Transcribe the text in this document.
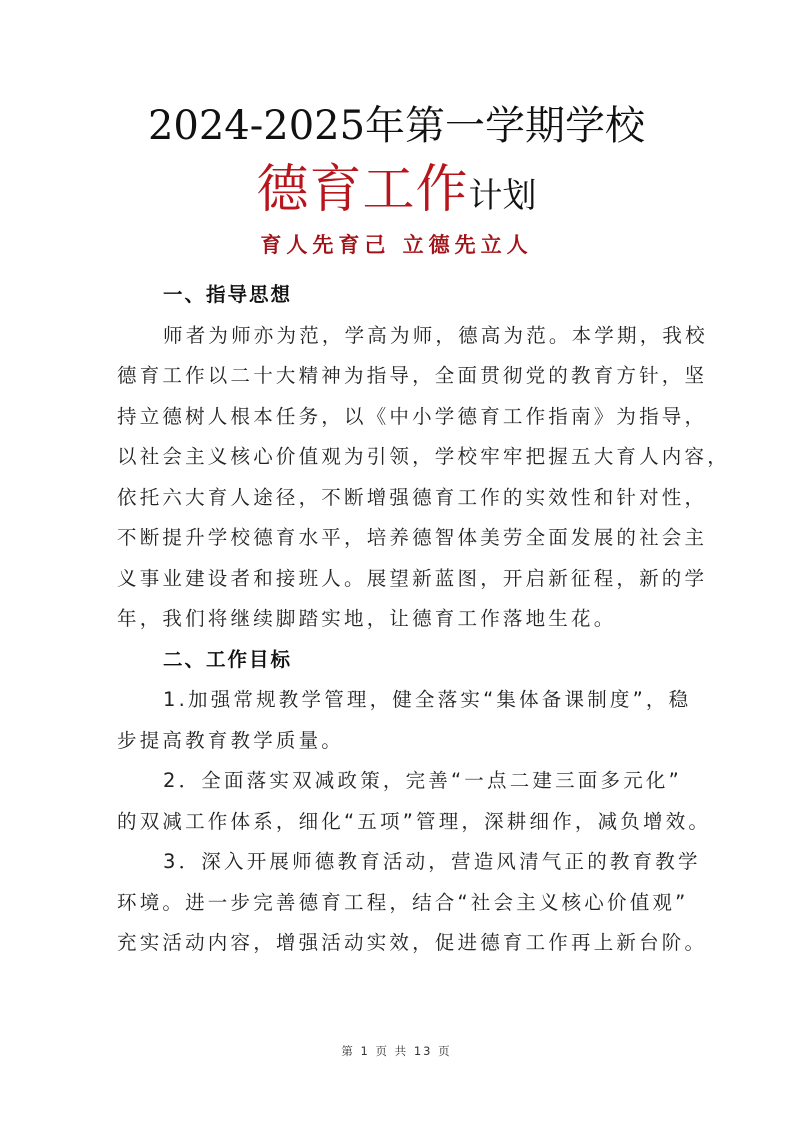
2024-2025年第一学期学校
德育工作计划
育人先育己 立德先立人

一、指导思想

师者为师亦为范，学高为师，德高为范。本学期，我校
德育工作以二十大精神为指导，全面贯彻党的教育方针，坚
持立德树人根本任务，以《中小学德育工作指南》为指导，
以社会主义核心价值观为引领，学校牢牢把握五大育人内容，
依托六大育人途径，不断增强德育工作的实效性和针对性，
不断提升学校德育水平，培养德智体美劳全面发展的社会主
义事业建设者和接班人。展望新蓝图，开启新征程，新的学
年，我们将继续脚踏实地，让德育工作落地生花。

二、工作目标

1.加强常规教学管理，健全落实“集体备课制度”，稳
步提高教育教学质量。

2．全面落实双减政策，完善“一点二建三面多元化”
的双减工作体系，细化“五项”管理，深耕细作，减负增效。

3．深入开展师德教育活动，营造风清气正的教育教学
环境。进一步完善德育工程，结合“社会主义核心价值观”
充实活动内容，增强活动实效，促进德育工作再上新台阶。

第 1 页 共 13 页
